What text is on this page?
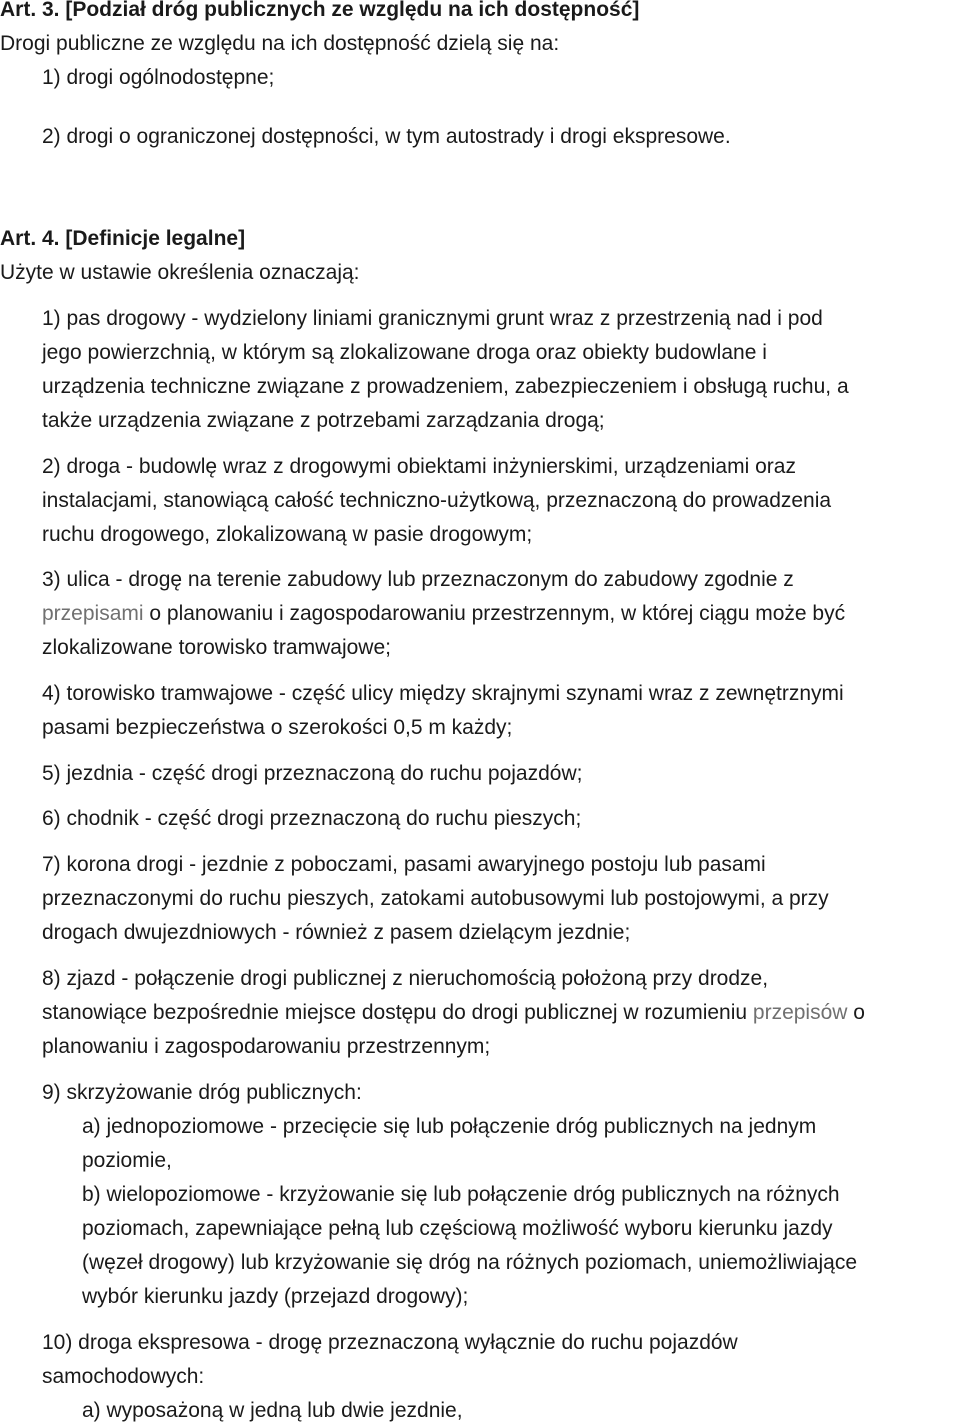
Art. 3. [Podział dróg publicznych ze względu na ich dostępność]
Drogi publiczne ze względu na ich dostępność dzielą się na:
1) drogi ogólnodostępne;
2) drogi o ograniczonej dostępności, w tym autostrady i drogi ekspresowe.
Art. 4. [Definicje legalne]
Użyte w ustawie określenia oznaczają:
1) pas drogowy - wydzielony liniami granicznymi grunt wraz z przestrzenią nad i pod
jego powierzchnią, w którym są zlokalizowane droga oraz obiekty budowlane i
urządzenia techniczne związane z prowadzeniem, zabezpieczeniem i obsługą ruchu, a
także urządzenia związane z potrzebami zarządzania drogą;
2) droga - budowlę wraz z drogowymi obiektami inżynierskimi, urządzeniami oraz
instalacjami, stanowiącą całość techniczno-użytkową, przeznaczoną do prowadzenia
ruchu drogowego, zlokalizowaną w pasie drogowym;
3) ulica - drogę na terenie zabudowy lub przeznaczonym do zabudowy zgodnie z
przepisami o planowaniu i zagospodarowaniu przestrzennym, w której ciągu może być
zlokalizowane torowisko tramwajowe;
4) torowisko tramwajowe - część ulicy między skrajnymi szynami wraz z zewnętrznymi
pasami bezpieczeństwa o szerokości 0,5 m każdy;
5) jezdnia - część drogi przeznaczoną do ruchu pojazdów;
6) chodnik - część drogi przeznaczoną do ruchu pieszych;
7) korona drogi - jezdnie z poboczami, pasami awaryjnego postoju lub pasami
przeznaczonymi do ruchu pieszych, zatokami autobusowymi lub postojowymi, a przy
drogach dwujezdniowych - również z pasem dzielącym jezdnie;
8) zjazd - połączenie drogi publicznej z nieruchomością położoną przy drodze,
stanowiące bezpośrednie miejsce dostępu do drogi publicznej w rozumieniu przepisów o
planowaniu i zagospodarowaniu przestrzennym;
9) skrzyżowanie dróg publicznych:
a) jednopoziomowe - przecięcie się lub połączenie dróg publicznych na jednym
poziomie,
b) wielopoziomowe - krzyżowanie się lub połączenie dróg publicznych na różnych
poziomach, zapewniające pełną lub częściową możliwość wyboru kierunku jazdy
(węzeł drogowy) lub krzyżowanie się dróg na różnych poziomach, uniemożliwiające
wybór kierunku jazdy (przejazd drogowy);
10) droga ekspresowa - drogę przeznaczoną wyłącznie do ruchu pojazdów
samochodowych:
a) wyposażoną w jedną lub dwie jezdnie,
